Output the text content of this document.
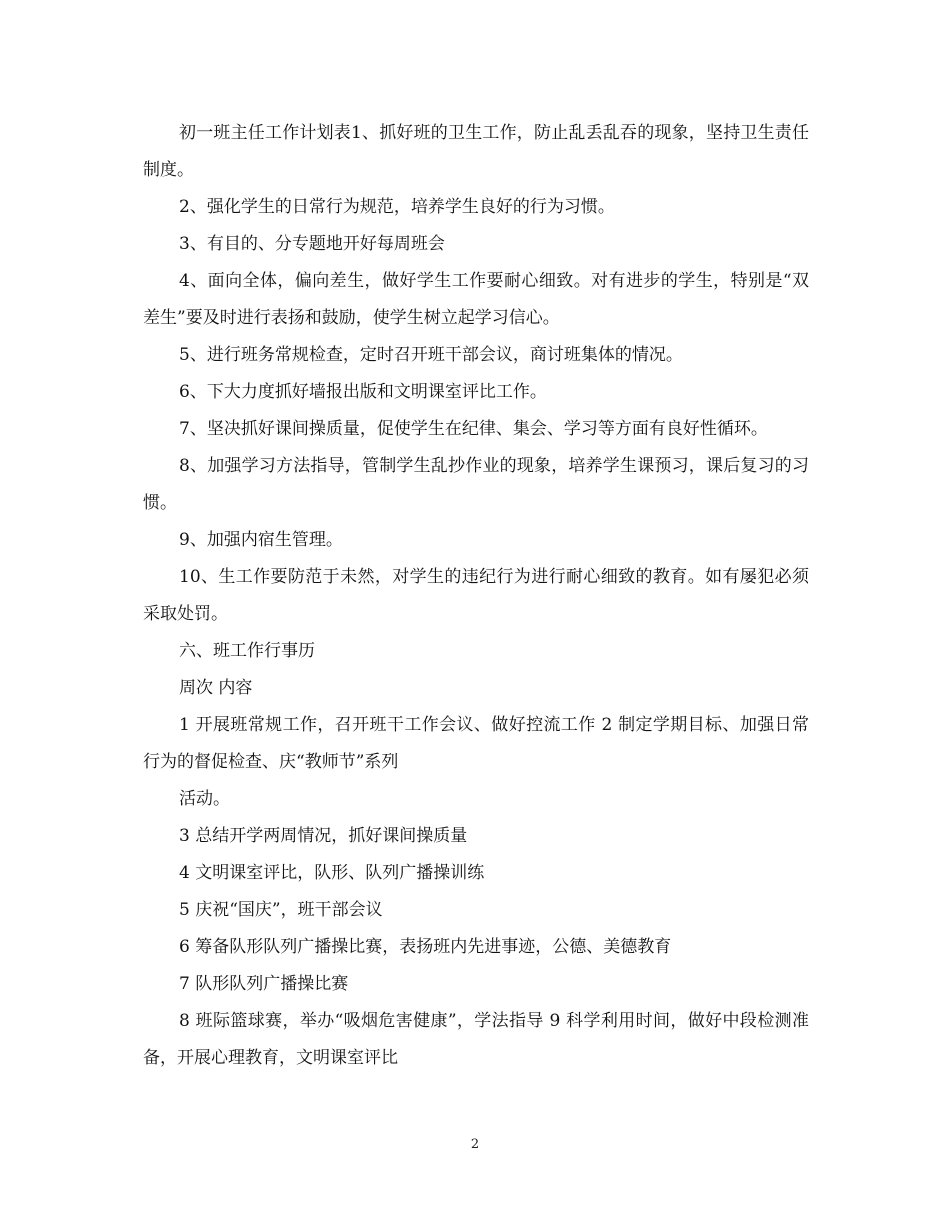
初一班主任工作计划表1、抓好班的卫生工作，防止乱丢乱吞的现象，坚持卫生责任制度。

2、强化学生的日常行为规范，培养学生良好的行为习惯。

3、有目的、分专题地开好每周班会

4、面向全体，偏向差生，做好学生工作要耐心细致。对有进步的学生，特别是“双差生”要及时进行表扬和鼓励，使学生树立起学习信心。

5、进行班务常规检查，定时召开班干部会议，商讨班集体的情况。

6、下大力度抓好墙报出版和文明课室评比工作。

7、坚决抓好课间操质量，促使学生在纪律、集会、学习等方面有良好性循环。

8、加强学习方法指导，管制学生乱抄作业的现象，培养学生课预习，课后复习的习惯。

9、加强内宿生管理。

10、生工作要防范于未然，对学生的违纪行为进行耐心细致的教育。如有屡犯必须采取处罚。

六、班工作行事历

周次 内容

1 开展班常规工作，召开班干工作会议、做好控流工作 2 制定学期目标、加强日常行为的督促检查、庆“教师节”系列

活动。

3 总结开学两周情况，抓好课间操质量

4 文明课室评比，队形、队列广播操训练

5 庆祝“国庆”，班干部会议

6 筹备队形队列广播操比赛，表扬班内先进事迹，公德、美德教育

7 队形队列广播操比赛

8 班际篮球赛，举办“吸烟危害健康”，学法指导 9 科学利用时间，做好中段检测准备，开展心理教育，文明课室评比

2
